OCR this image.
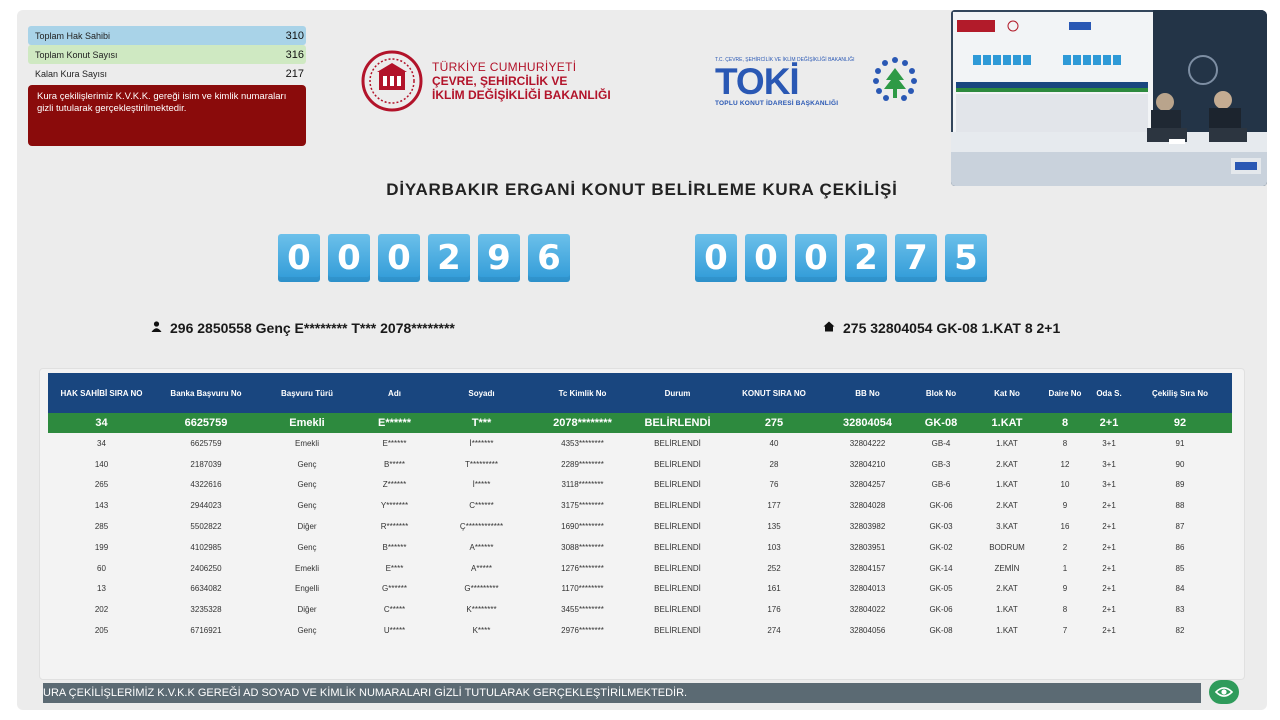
Toplam Hak Sahibi	310
Toplam Konut Sayısı	316
Kalan Kura Sayısı	217
Kura çekilişlerimiz K.V.K.K. gereği isim ve kimlik numaraları gizli tutularak gerçekleştirilmektedir.
TÜRKİYE CUMHURİYETİ
ÇEVRE, ŞEHİRCİLİK VE
İKLİM DEĞİŞİKLİĞİ BAKANLIĞI
T.C. ÇEVRE, ŞEHİRCİLİK VE İKLİM DEĞİŞİKLİĞİ BAKANLIĞI
TOKİ
TOPLU KONUT İDARESİ BAŞKANLIĞI
DİYARBAKIR ERGANİ KONUT BELİRLEME KURA ÇEKİLİŞİ
0 0 0 2 9 6	0 0 0 2 7 5
296 2850558 Genç E******** T*** 2078********	275 32804054 GK-08 1.KAT 8 2+1
HAK SAHİBİ SIRA NO	Banka Başvuru No	Başvuru Türü	Adı	Soyadı	Tc Kimlik No	Durum	KONUT SIRA NO	BB No	Blok No	Kat No	Daire No	Oda S.	Çekiliş Sıra No
34	6625759	Emekli	E******	T***	2078********	BELİRLENDİ	275	32804054	GK-08	1.KAT	8	2+1	92
34	6625759	Emekli	E******	İ*******	4353********	BELİRLENDİ	40	32804222	GB-4	1.KAT	8	3+1	91
140	2187039	Genç	B*****	T*********	2289********	BELİRLENDİ	28	32804210	GB-3	2.KAT	12	3+1	90
265	4322616	Genç	Z******	İ*****	3118********	BELİRLENDİ	76	32804257	GB-6	1.KAT	10	3+1	89
143	2944023	Genç	Y*******	C******	3175********	BELİRLENDİ	177	32804028	GK-06	2.KAT	9	2+1	88
285	5502822	Diğer	R*******	Ç************	1690********	BELİRLENDİ	135	32803982	GK-03	3.KAT	16	2+1	87
199	4102985	Genç	B******	A******	3088********	BELİRLENDİ	103	32803951	GK-02	BODRUM	2	2+1	86
60	2406250	Emekli	E****	A*****	1276********	BELİRLENDİ	252	32804157	GK-14	ZEMİN	1	2+1	85
13	6634082	Engelli	G******	G*********	1170********	BELİRLENDİ	161	32804013	GK-05	2.KAT	9	2+1	84
202	3235328	Diğer	C*****	K********	3455********	BELİRLENDİ	176	32804022	GK-06	1.KAT	8	2+1	83
205	6716921	Genç	U*****	K****	2976********	BELİRLENDİ	274	32804056	GK-08	1.KAT	7	2+1	82
URA ÇEKİLİŞLERİMİZ K.V.K.K GEREĞİ AD SOYAD VE KİMLİK NUMARALARI GİZLİ TUTULARAK GERÇEKLEŞTİRİLMEKTEDİR.
